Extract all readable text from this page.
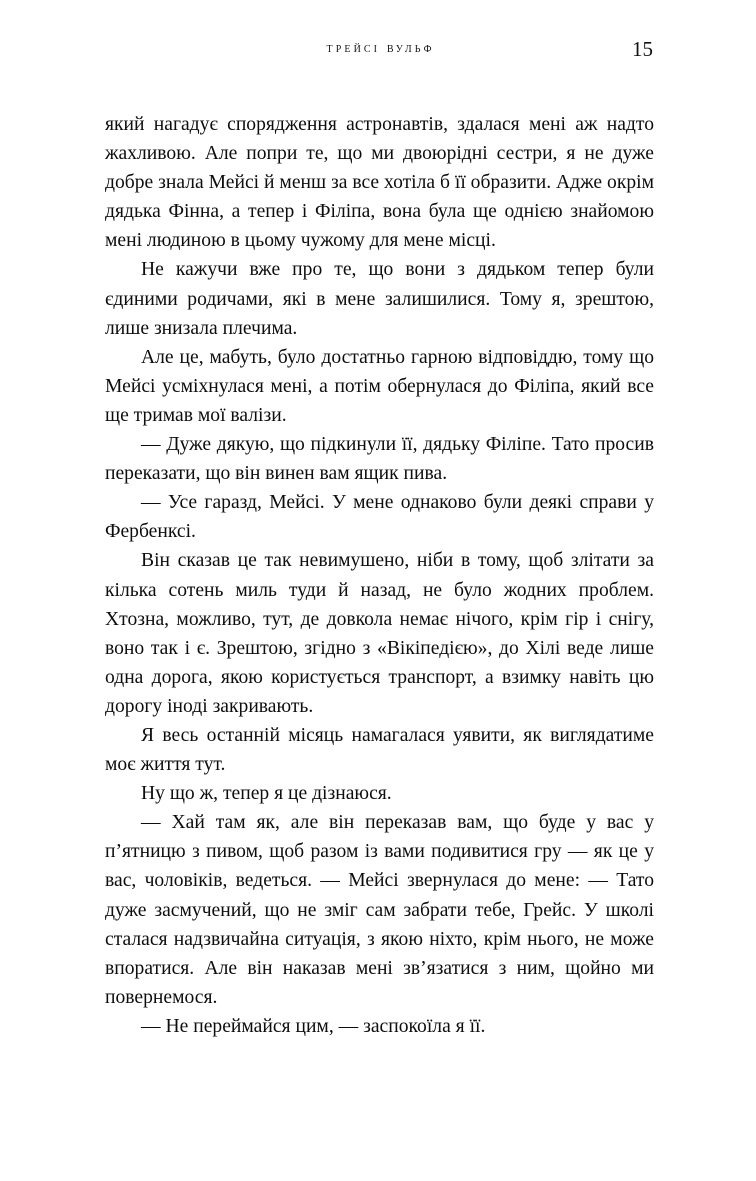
трейсі вульф	15

який нагадує спорядження астронавтів, здалася мені аж надто жахливою. Але попри те, що ми двоюрідні сестри, я не дуже добре знала Мейсі й менш за все хотіла б її образити. Адже окрім дядька Фінна, а тепер і Філіпа, вона була ще однією знайомою мені людиною в цьому чужому для мене місці.

Не кажучи вже про те, що вони з дядьком тепер були єдиними родичами, які в мене залишилися. Тому я, зрештою, лише знизала плечима.

Але це, мабуть, було достатньо гарною відповіддю, тому що Мейсі усміхнулася мені, а потім обернулася до Філіпа, який все ще тримав мої валізи.

— Дуже дякую, що підкинули її, дядьку Філіпе. Тато просив переказати, що він винен вам ящик пива.

— Усе гаразд, Мейсі. У мене однаково були деякі справи у Фербенксі.

Він сказав це так невимушено, ніби в тому, щоб злітати за кілька сотень миль туди й назад, не було жодних проблем. Хтозна, можливо, тут, де довкола немає нічого, крім гір і снігу, воно так і є. Зрештою, згідно з «Вікіпедією», до Хілі веде лише одна дорога, якою користується транспорт, а взимку навіть цю дорогу іноді закривають.

Я весь останній місяць намагалася уявити, як виглядатиме моє життя тут.

Ну що ж, тепер я це дізнаюся.

— Хай там як, але він переказав вам, що буде у вас у п’ятницю з пивом, щоб разом із вами подивитися гру — як це у вас, чоловіків, ведеться. — Мейсі звернулася до мене: — Тато дуже засмучений, що не зміг сам забрати тебе, Грейс. У школі сталася надзвичайна ситуація, з якою ніхто, крім нього, не може впоратися. Але він наказав мені зв’язатися з ним, щойно ми повернемося.

— Не переймайся цим, — заспокоїла я її.
